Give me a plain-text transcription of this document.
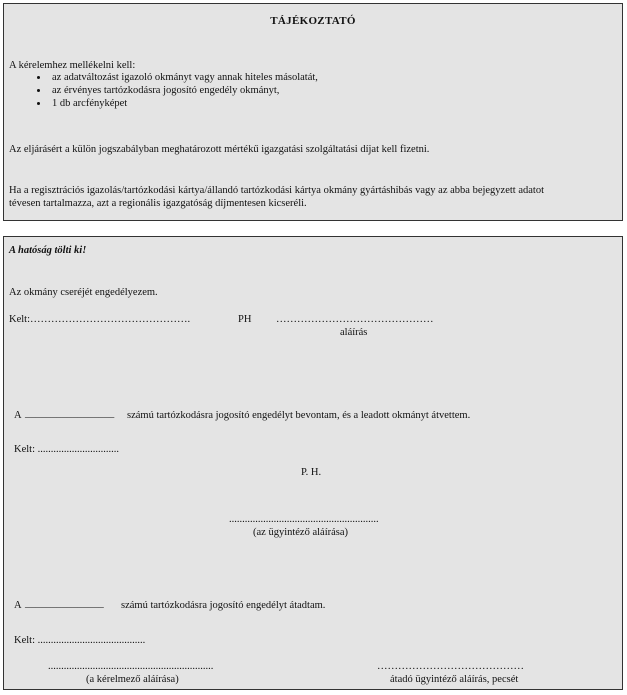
TÁJÉKOZTATÓ
A kérelemhez mellékelni kell:
az adatváltozást igazoló okmányt vagy annak hiteles másolatát,
az érvényes tartózkodásra jogosító engedély okmányt,
1 db arcfényképet
Az eljárásért a külön jogszabályban meghatározott mértékű igazgatási szolgáltatási díjat kell fizetni.
Ha a regisztrációs igazolás/tartózkodási kártya/állandó tartózkodási kártya okmány gyártáshibás vagy az abba bejegyzett adatot
tévesen tartalmazza, azt a regionális igazgatóság díjmentesen kicseréli.
A hatóság tölti ki!
Az okmány cseréjét engedélyezem.
Kelt:……………………………………….	PH ………………………………………
aláírás
A _________________ számú tartózkodásra jogosító engedélyt bevontam, és a leadott okmányt átvettem.
Kelt: ...............................
P. H.
.........................................................
(az ügyintéző aláírása)
A _______________ számú tartózkodásra jogosító engedélyt átadtam.
Kelt: .........................................
...............................................................
(a kérelmező aláírása)
……………………………………
átadó ügyintéző aláírás, pecsét
